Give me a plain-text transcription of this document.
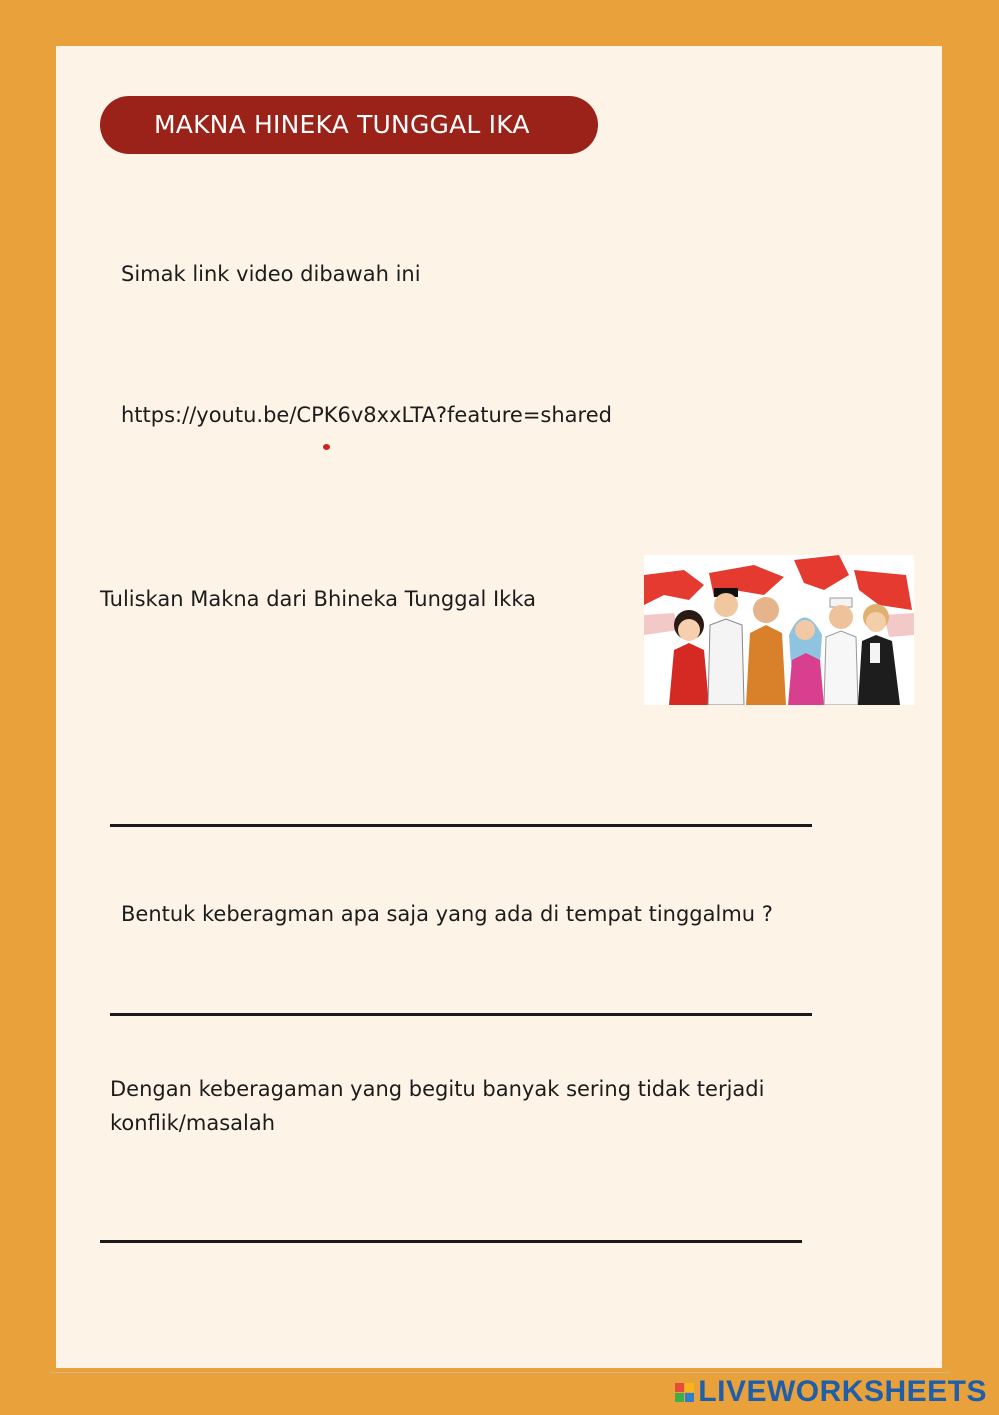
MAKNA HINEKA TUNGGAL IKA
Simak link video dibawah ini
https://youtu.be/CPK6v8xxLTA?feature=shared
Tuliskan Makna dari Bhineka Tunggal Ikka
Bentuk keberagman apa saja yang ada di tempat tinggalmu ?
Dengan keberagaman yang begitu banyak sering tidak terjadi
konflik/masalah
LIVEWORKSHEETS
